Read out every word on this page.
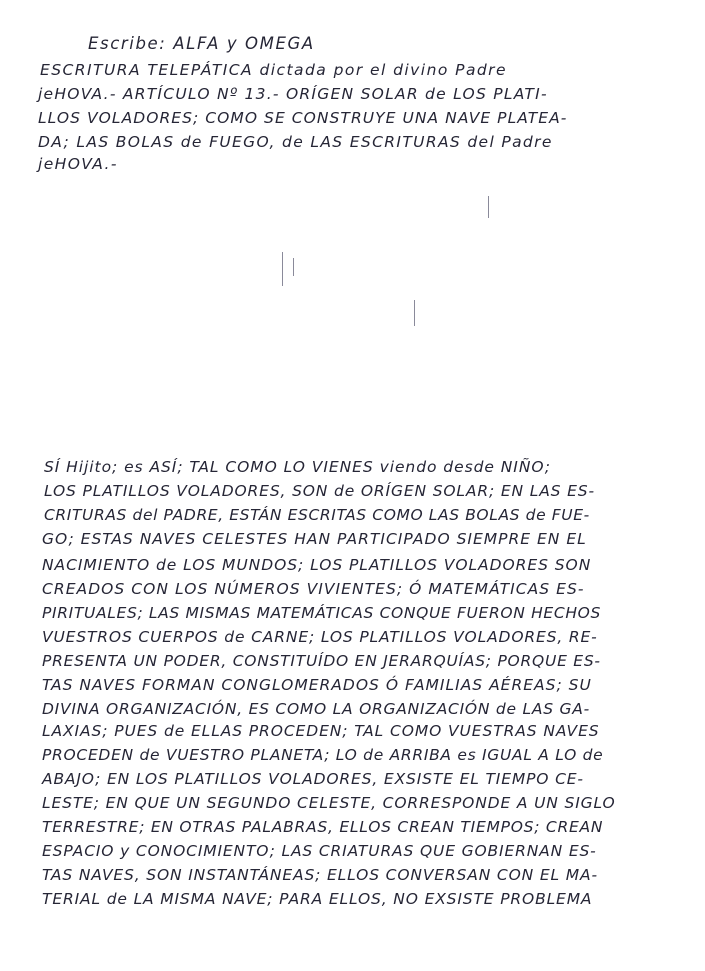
Escribe: ALFA y OMEGA
ESCRITURA TELEPÁTICA dictada por el divino Padre
jeHOVA.- ARTÍCULO Nº 13.- ORÍGEN SOLAR de LOS PLATI-
LLOS VOLADORES; COMO SE CONSTRUYE UNA NAVE PLATEA-
DA; LAS BOLAS de FUEGO, de LAS ESCRITURAS del Padre
jeHOVA.-
SÍ Hijito; es ASÍ; TAL COMO LO VIENES viendo desde NIÑO;
LOS PLATILLOS VOLADORES, SON de ORÍGEN SOLAR; EN LAS ES-
CRITURAS del PADRE, ESTÁN ESCRITAS COMO LAS BOLAS de FUE-
GO; ESTAS NAVES CELESTES HAN PARTICIPADO SIEMPRE EN EL
NACIMIENTO de LOS MUNDOS; LOS PLATILLOS VOLADORES SON
CREADOS CON LOS NÚMEROS VIVIENTES; Ó MATEMÁTICAS ES-
PIRITUALES; LAS MISMAS MATEMÁTICAS CONQUE FUERON HECHOS
VUESTROS CUERPOS de CARNE; LOS PLATILLOS VOLADORES, RE-
PRESENTA UN PODER, CONSTITUÍDO EN JERARQUÍAS; PORQUE ES-
TAS NAVES FORMAN CONGLOMERADOS Ó FAMILIAS AÉREAS; SU
DIVINA ORGANIZACIÓN, ES COMO LA ORGANIZACIÓN de LAS GA-
LAXIAS; PUES de ELLAS PROCEDEN; TAL COMO VUESTRAS NAVES
PROCEDEN de VUESTRO PLANETA; LO de ARRIBA es IGUAL A LO de
ABAJO; EN LOS PLATILLOS VOLADORES, EXSISTE EL TIEMPO CE-
LESTE; EN QUE UN SEGUNDO CELESTE, CORRESPONDE A UN SIGLO
TERRESTRE; EN OTRAS PALABRAS, ELLOS CREAN TIEMPOS; CREAN
ESPACIO y CONOCIMIENTO; LAS CRIATURAS QUE GOBIERNAN ES-
TAS NAVES, SON INSTANTÁNEAS; ELLOS CONVERSAN CON EL MA-
TERIAL de LA MISMA NAVE; PARA ELLOS, NO EXSISTE PROBLEMA
